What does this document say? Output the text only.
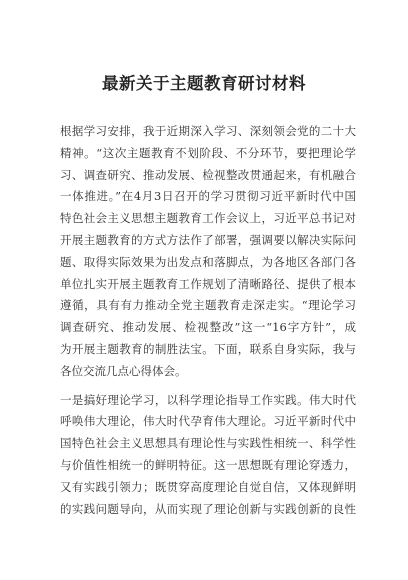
最新关于主题教育研讨材料
根据学习安排，我于近期深入学习、深刻领会党的二十大
精神。“这次主题教育不划阶段、不分环节，要把理论学
习、调查研究、推动发展、检视整改贯通起来，有机融合
一体推进。”在4月3日召开的学习贯彻习近平新时代中国
特色社会主义思想主题教育工作会议上，习近平总书记对
开展主题教育的方式方法作了部署，强调要以解决实际问
题、取得实际效果为出发点和落脚点，为各地区各部门各
单位扎实开展主题教育工作规划了清晰路径、提供了根本
遵循，具有有力推动全党主题教育走深走实。“理论学习
调查研究、推动发展、检视整改”这一“16字方针”，成
为开展主题教育的制胜法宝。下面，联系自身实际，我与
各位交流几点心得体会。
一是搞好理论学习，以科学理论指导工作实践。伟大时代
呼唤伟大理论，伟大时代孕育伟大理论。习近平新时代中
国特色社会主义思想具有理论性与实践性相统一、科学性
与价值性相统一的鲜明特征。这一思想既有理论穿透力，
又有实践引领力；既贯穿高度理论自觉自信，又体现鲜明
的实践问题导向，从而实现了理论创新与实践创新的良性
